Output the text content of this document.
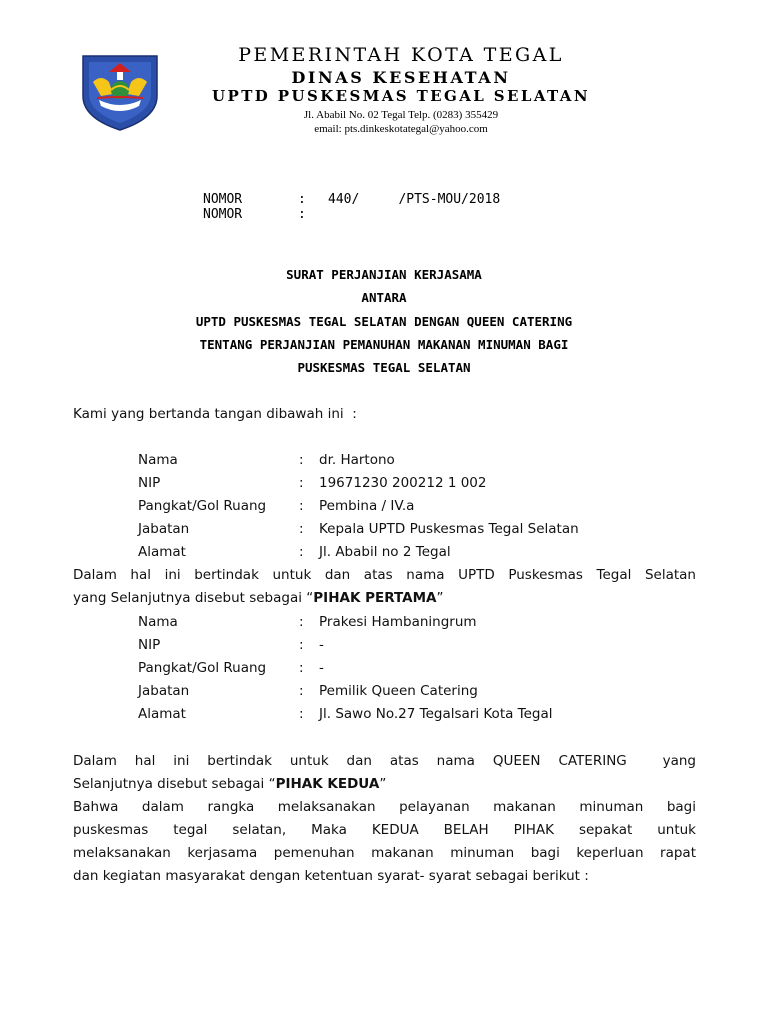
PEMERINTAH KOTA TEGAL
DINAS KESEHATAN
UPTD PUSKESMAS TEGAL SELATAN
Jl. Ababil No. 02 Tegal Telp. (0283) 355429
email: pts.dinkeskotategal@yahoo.com
NOMOR	: 440/     /PTS-MOU/2018
NOMOR	:
SURAT PERJANJIAN KERJASAMA
ANTARA
UPTD PUSKESMAS TEGAL SELATAN DENGAN QUEEN CATERING
TENTANG PERJANJIAN PEMANUHAN MAKANAN MINUMAN BAGI
PUSKESMAS TEGAL SELATAN
Kami yang bertanda tangan dibawah ini  :
Nama	: dr. Hartono
NIP	: 19671230 200212 1 002
Pangkat/Gol Ruang : Pembina / IV.a
Jabatan	: Kepala UPTD Puskesmas Tegal Selatan
Alamat	: Jl. Ababil no 2 Tegal
Dalam hal ini bertindak untuk dan atas nama UPTD Puskesmas Tegal Selatan
yang Selanjutnya disebut sebagai “PIHAK PERTAMA”
Nama	: Prakesi Hambaningrum
NIP	: -
Pangkat/Gol Ruang : -
Jabatan	: Pemilik Queen Catering
Alamat	: Jl. Sawo No.27 Tegalsari Kota Tegal
Dalam hal ini bertindak untuk dan atas nama QUEEN CATERING  yang
Selanjutnya disebut sebagai “PIHAK KEDUA”
Bahwa dalam rangka melaksanakan pelayanan makanan minuman bagi
puskesmas tegal selatan, Maka KEDUA BELAH PIHAK sepakat untuk
melaksanakan kerjasama pemenuhan makanan minuman bagi keperluan rapat
dan kegiatan masyarakat dengan ketentuan syarat- syarat sebagai berikut :
